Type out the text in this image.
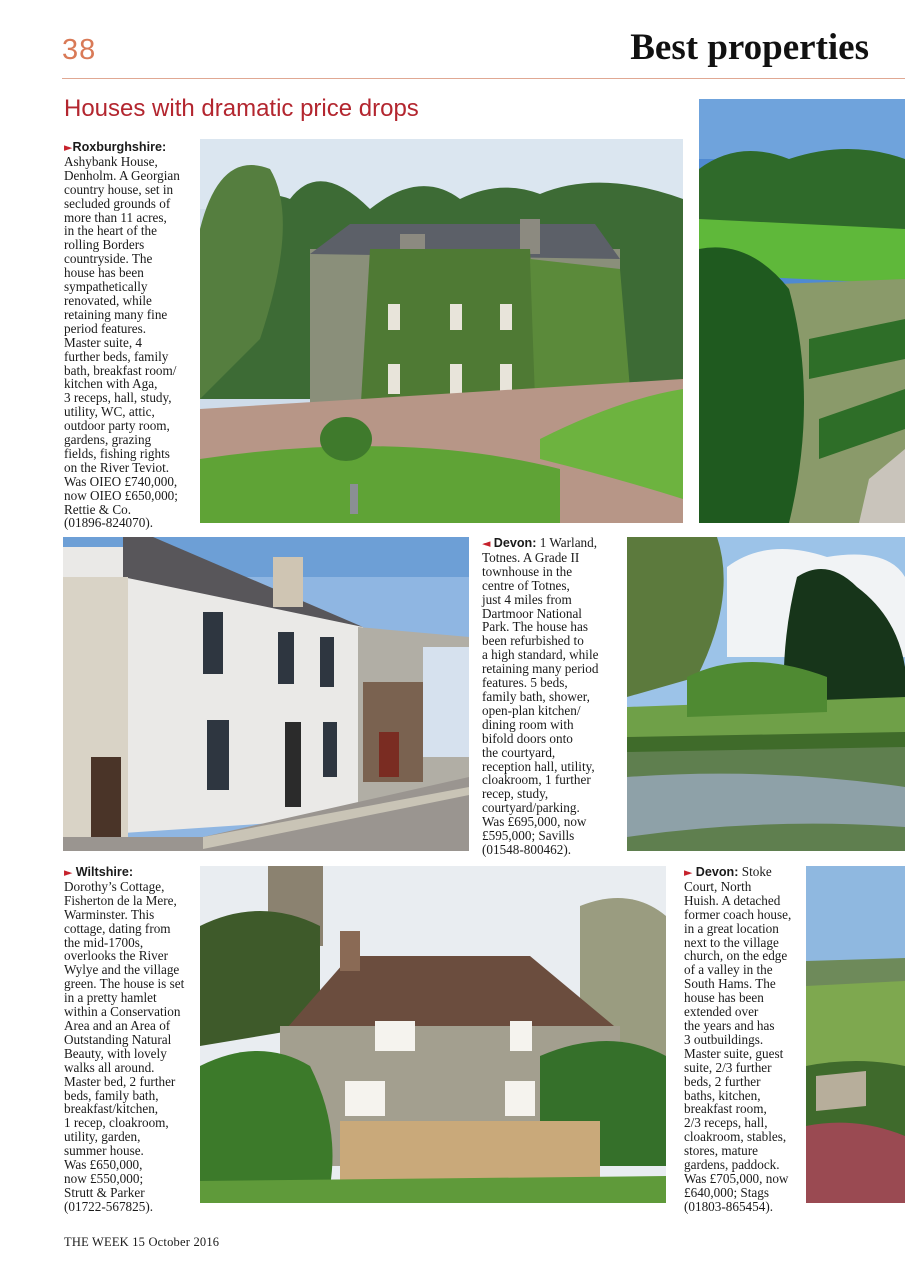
38	Best properties
Houses with dramatic price drops
►Roxburghshire:
Ashybank House,
Denholm. A Georgian
country house, set in
secluded grounds of
more than 11 acres,
in the heart of the
rolling Borders
countryside. The
house has been
sympathetically
renovated, while
retaining many fine
period features.
Master suite, 4
further beds, family
bath, breakfast room/
kitchen with Aga,
3 receps, hall, study,
utility, WC, attic,
outdoor party room,
gardens, grazing
fields, fishing rights
on the River Teviot.
Was OIEO £740,000,
now OIEO £650,000;
Rettie & Co.
(01896-824070).
◄ Devon: 1 Warland,
Totnes. A Grade II
townhouse in the
centre of Totnes,
just 4 miles from
Dartmoor National
Park. The house has
been refurbished to
a high standard, while
retaining many period
features. 5 beds,
family bath, shower,
open-plan kitchen/
dining room with
bifold doors onto
the courtyard,
reception hall, utility,
cloakroom, 1 further
recep, study,
courtyard/parking.
Was £695,000, now
£595,000; Savills
(01548-800462).
► Wiltshire:
Dorothy’s Cottage,
Fisherton de la Mere,
Warminster. This
cottage, dating from
the mid-1700s,
overlooks the River
Wylye and the village
green. The house is set
in a pretty hamlet
within a Conservation
Area and an Area of
Outstanding Natural
Beauty, with lovely
walks all around.
Master bed, 2 further
beds, family bath,
breakfast/kitchen,
1 recep, cloakroom,
utility, garden,
summer house.
Was £650,000,
now £550,000;
Strutt & Parker
(01722-567825).
► Devon: Stoke
Court, North
Huish. A detached
former coach house,
in a great location
next to the village
church, on the edge
of a valley in the
South Hams. The
house has been
extended over
the years and has
3 outbuildings.
Master suite, guest
suite, 2/3 further
beds, 2 further
baths, kitchen,
breakfast room,
2/3 receps, hall,
cloakroom, stables,
stores, mature
gardens, paddock.
Was £705,000, now
£640,000; Stags
(01803-865454).
THE WEEK 15 October 2016
